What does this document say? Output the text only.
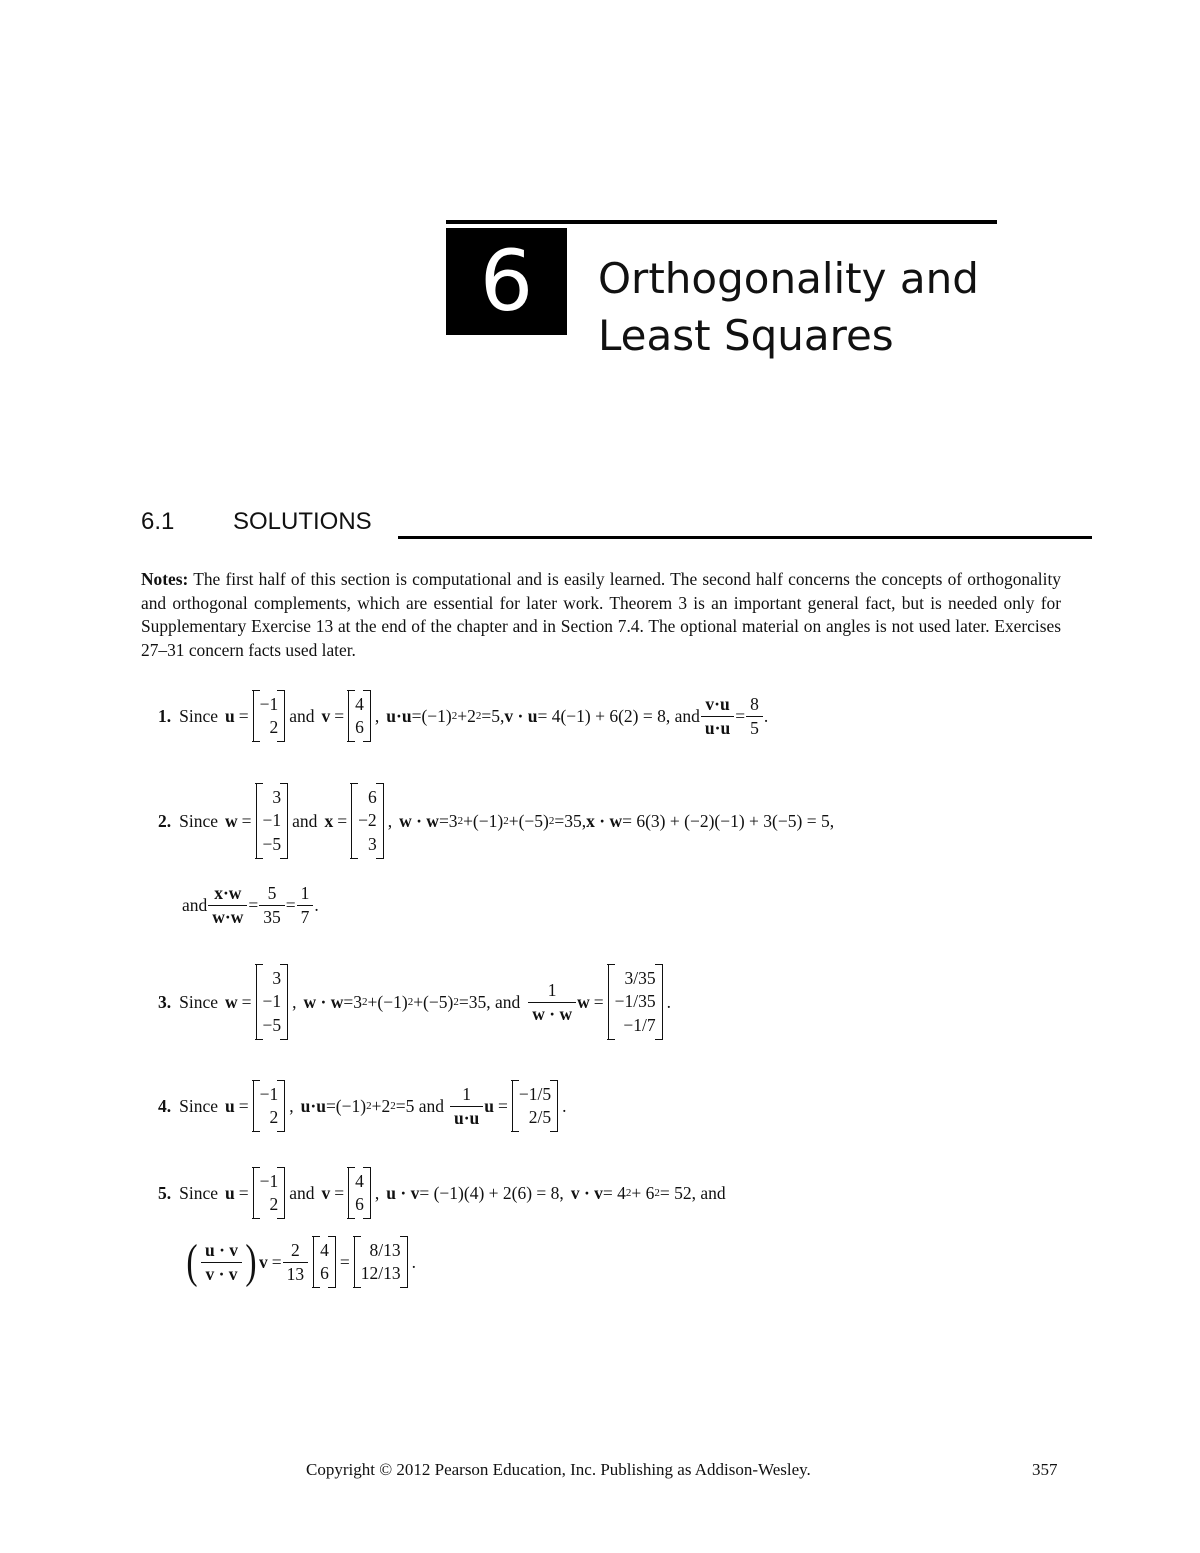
6	Orthogonality and
Least Squares
6.1 SOLUTIONS
Notes: The first half of this section is computational and is easily learned. The second half concerns the concepts of orthogonality and orthogonal complements, which are essential for later work. Theorem 3 is an important general fact, but is needed only for Supplementary Exercise 13 at the end of the chapter and in Section 7.4. The optional material on angles is not used later. Exercises 27–31 concern facts used later.
1. Since u =
−1
2
and v =
4
6
, u·u =(−1) 2 +2 2 =5, v · u = 4(−1) + 6(2) = 8, and $\frac{v\cdot u}{u\cdot u} = \frac{8}{5}$ .
2. Since w =
3
−1
−5
and x =
6
−2
3
, w · w =3 2 +(−1) 2 +(−5) 2 =35, x · w = 6(3) + (−2)(−1) + 3(−5) = 5,
and $\frac{x\cdot w}{w\cdot w} = \frac{5}{35} = \frac{1}{7}$ .
3. Since w =
3
−1
−5
, w · w =3 2 +(−1) 2 +(−5) 2 =35, and $\frac{1}{w \cdot w}$ w =
3/35
−1/35
−1/7
.
4. Since u =
−1
2
, u·u =(−1) 2 +2 2 =5 and $\frac{1}{u\cdot u}$ u =
−1/5
2/5
.
5. Since u =
−1
2
and v =
4
6
, u · v = (−1)(4) + 2(6) = 8, v · v = 4 2 + 6 2 = 52, and
( $\frac{u \cdot v}{v \cdot v}$ ) $v = \frac{2}{13} 4$
6
=
8/13
12/13
.
Copyright © 2012 Pearson Education, Inc. Publishing as Addison-Wesley.	357
